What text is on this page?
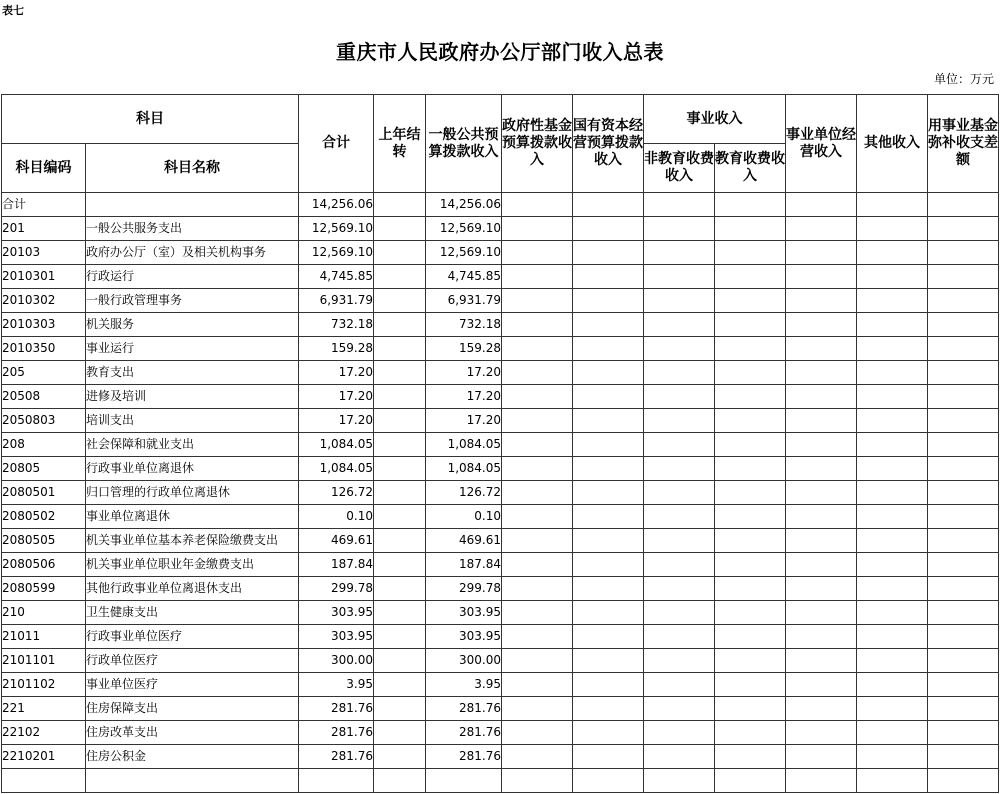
表七
重庆市人民政府办公厅部门收入总表
单位：万元
科目		合计	上年结转	一般公共预算拨款收入	政府性基金预算拨款收入	国有资本经营预算拨款收入	事业收入		事业单位经营收入	其他收入	用事业基金弥补收支差额
科目编码	科目名称						非教育收费收入	教育收费收入			
合计		14,256.06		14,256.06							
201	一般公共服务支出	12,569.10		12,569.10							
20103	政府办公厅（室）及相关机构事务	12,569.10		12,569.10							
2010301	行政运行	4,745.85		4,745.85							
2010302	一般行政管理事务	6,931.79		6,931.79							
2010303	机关服务	732.18		732.18							
2010350	事业运行	159.28		159.28							
205	教育支出	17.20		17.20							
20508	进修及培训	17.20		17.20							
2050803	培训支出	17.20		17.20							
208	社会保障和就业支出	1,084.05		1,084.05							
20805	行政事业单位离退休	1,084.05		1,084.05							
2080501	归口管理的行政单位离退休	126.72		126.72							
2080502	事业单位离退休	0.10		0.10							
2080505	机关事业单位基本养老保险缴费支出	469.61		469.61							
2080506	机关事业单位职业年金缴费支出	187.84		187.84							
2080599	其他行政事业单位离退休支出	299.78		299.78							
210	卫生健康支出	303.95		303.95							
21011	行政事业单位医疗	303.95		303.95							
2101101	行政单位医疗	300.00		300.00							
2101102	事业单位医疗	3.95		3.95							
221	住房保障支出	281.76		281.76							
22102	住房改革支出	281.76		281.76							
2210201	住房公积金	281.76		281.76							
